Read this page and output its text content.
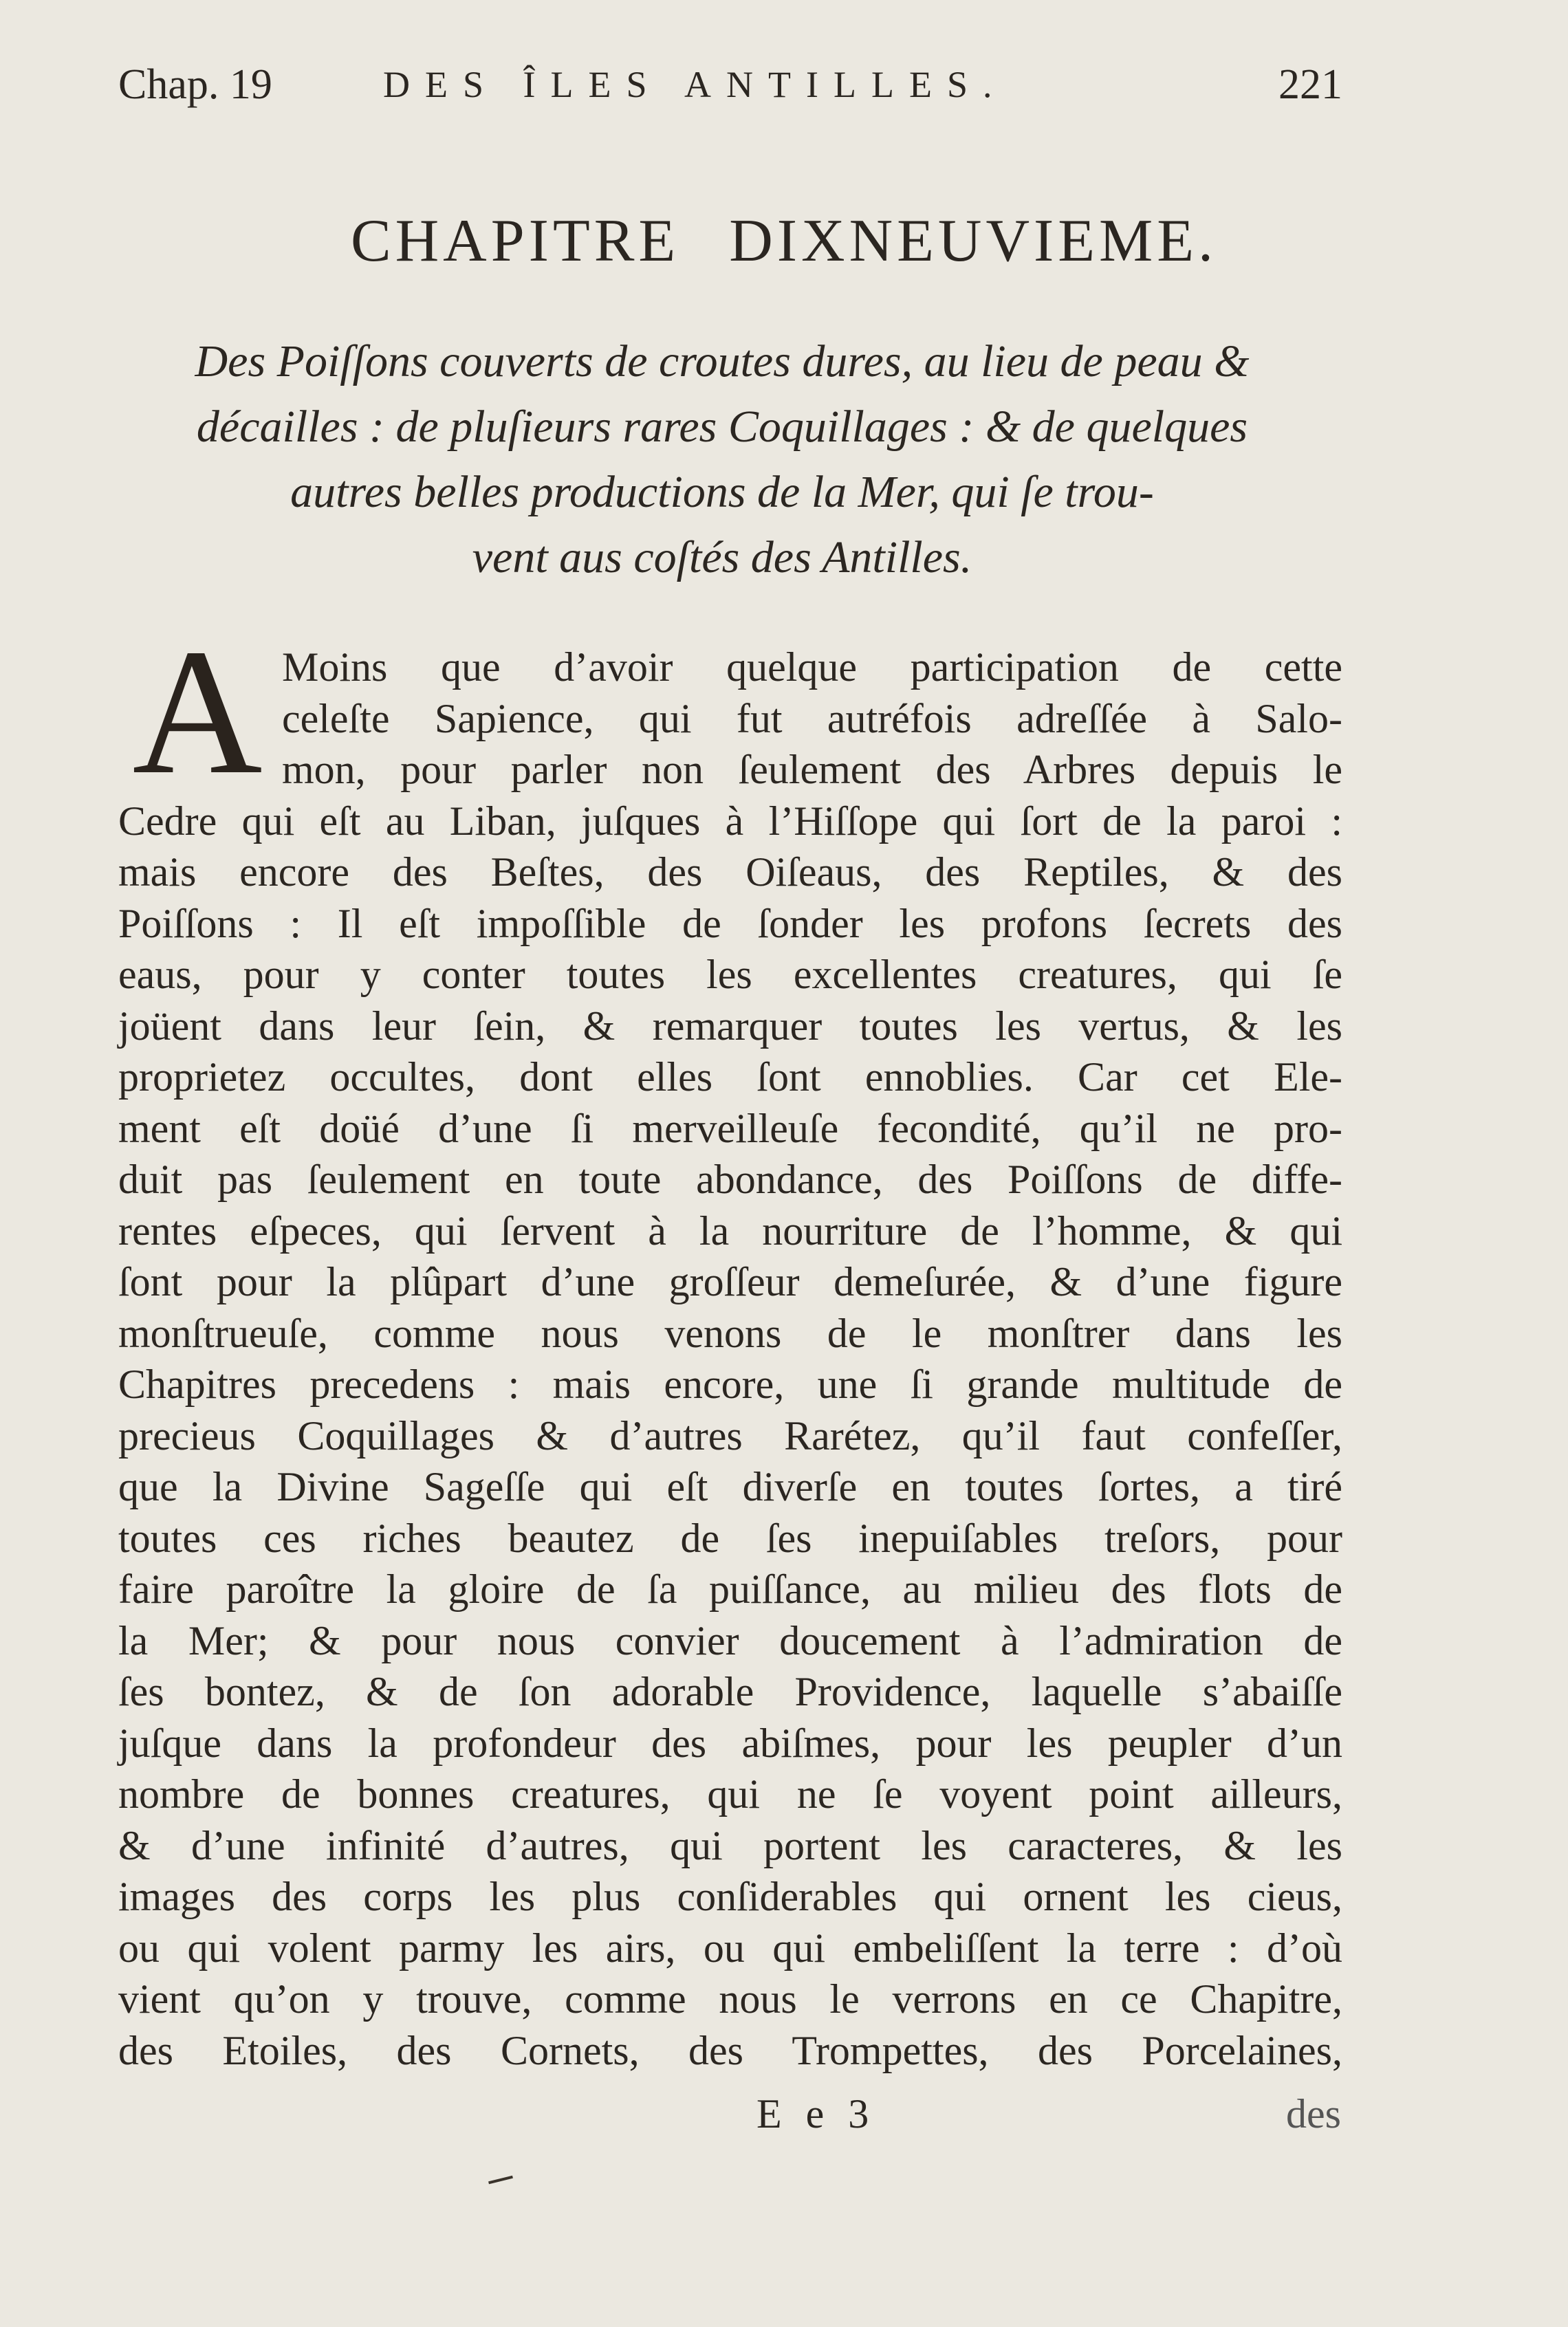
Chap. 19	DES ÎLES ANTILLES.	221
CHAPITRE DIXNEUVIEME.
Des Poiſſons couverts de croutes dures, au lieu de peau &
décailles : de pluſieurs rares Coquillages : & de quelques
autres belles productions de la Mer, qui ſe trou-
vent aus coſtés des Antilles.
A Moins que d’avoir quelque participation de cette
celeſte Sapience, qui fut autréfois adreſſée à Salo-
mon, pour parler non ſeulement des Arbres depuis le
Cedre qui eſt au Liban, juſques à l’Hiſſope qui ſort de la paroi :
mais encore des Beſtes, des Oiſeaus, des Reptiles, & des
Poiſſons : Il eſt impoſſible de ſonder les profons ſecrets des
eaus, pour y conter toutes les excellentes creatures, qui ſe
joüent dans leur ſein, & remarquer toutes les vertus, & les
proprietez occultes, dont elles ſont ennoblies. Car cet Ele-
ment eſt doüé d’une ſi merveilleuſe fecondité, qu’il ne pro-
duit pas ſeulement en toute abondance, des Poiſſons de diffe-
rentes eſpeces, qui ſervent à la nourriture de l’homme, & qui
ſont pour la plûpart d’une groſſeur demeſurée, & d’une figure
monſtrueuſe, comme nous venons de le monſtrer dans les
Chapitres precedens : mais encore, une ſi grande multitude de
precieus Coquillages & d’autres Rarétez, qu’il faut confeſſer,
que la Divine Sageſſe qui eſt diverſe en toutes ſortes, a tiré
toutes ces riches beautez de ſes inepuiſables treſors, pour
faire paroître la gloire de ſa puiſſance, au milieu des flots de
la Mer; & pour nous convier doucement à l’admiration de
ſes bontez, & de ſon adorable Providence, laquelle s’abaiſſe
juſque dans la profondeur des abiſmes, pour les peupler d’un
nombre de bonnes creatures, qui ne ſe voyent point ailleurs,
& d’une infinité d’autres, qui portent les caracteres, & les
images des corps les plus conſiderables qui ornent les cieus,
ou qui volent parmy les airs, ou qui embeliſſent la terre : d’où
vient qu’on y trouve, comme nous le verrons en ce Chapitre,
des Etoiles, des Cornets, des Trompettes, des Porcelaines,
E e 3	des
